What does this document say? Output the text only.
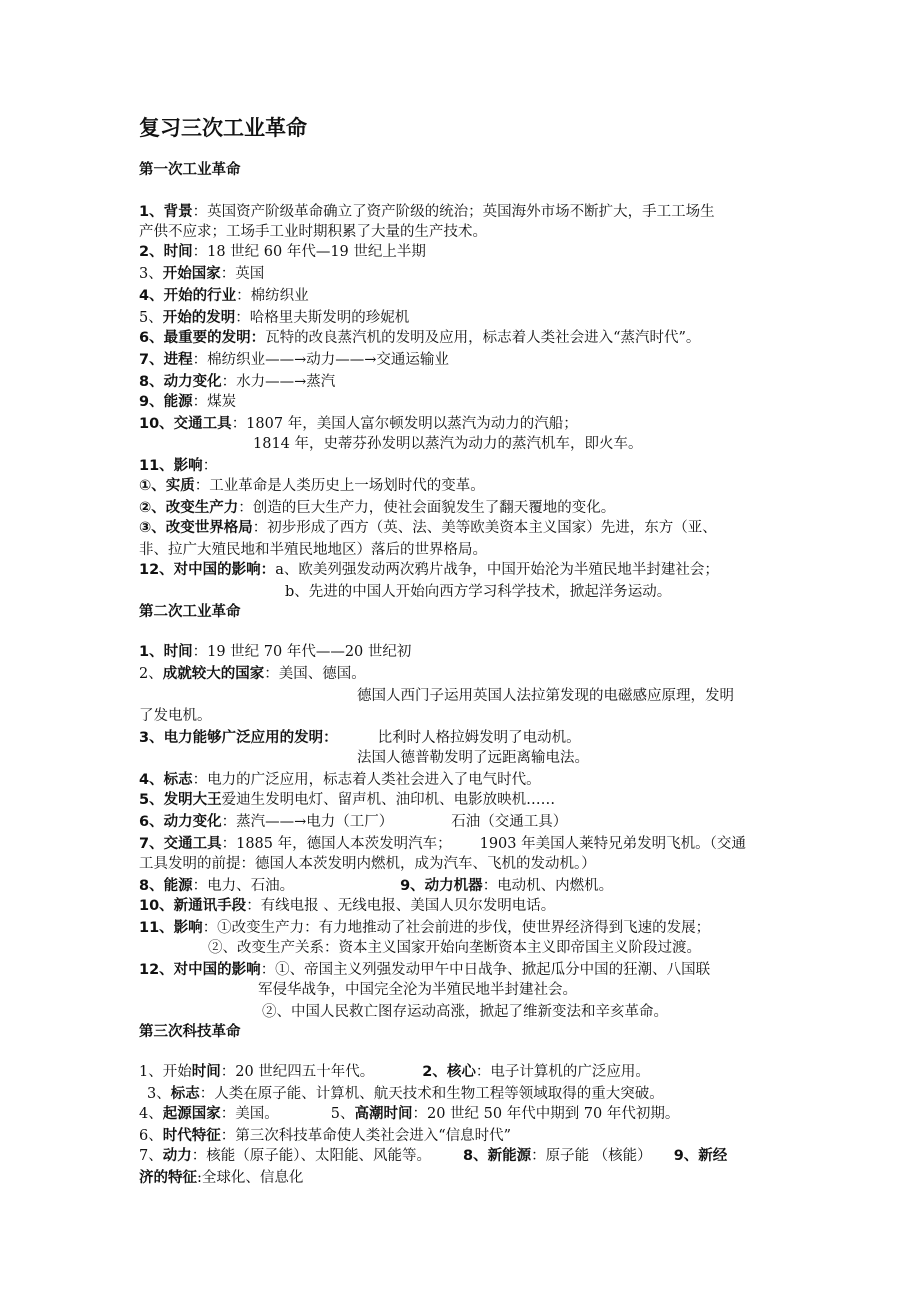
复习三次工业革命
第一次工业革命
1、背景：英国资产阶级革命确立了资产阶级的统治；英国海外市场不断扩大，手工工场生
产供不应求；工场手工业时期积累了大量的生产技术。
2、时间：18 世纪 60 年代—19 世纪上半期
3、开始国家：英国
4、开始的行业：棉纺织业
5、开始的发明：哈格里夫斯发明的珍妮机
6、最重要的发明：瓦特的改良蒸汽机的发明及应用，标志着人类社会进入“蒸汽时代”。
7、进程：棉纺织业——→动力——→交通运输业
8、动力变化：水力——→蒸汽
9、能源：煤炭
10、交通工具：1807 年，美国人富尔顿发明以蒸汽为动力的汽船；
1814 年，史蒂芬孙发明以蒸汽为动力的蒸汽机车，即火车。
11、影响：
①、实质：工业革命是人类历史上一场划时代的变革。
②、改变生产力：创造的巨大生产力，使社会面貌发生了翻天覆地的变化。
③、改变世界格局：初步形成了西方（英、法、美等欧美资本主义国家）先进，东方（亚、
非、拉广大殖民地和半殖民地地区）落后的世界格局。
12、对中国的影响：a、欧美列强发动两次鸦片战争，中国开始沦为半殖民地半封建社会；
b、先进的中国人开始向西方学习科学技术，掀起洋务运动。
第二次工业革命
1、时间：19 世纪 70 年代——20 世纪初
2、成就较大的国家：美国、德国。
德国人西门子运用英国人法拉第发现的电磁感应原理，发明
了发电机。
3、电力能够广泛应用的发明：	比利时人格拉姆发明了电动机。
法国人德普勒发明了远距离输电法。
4、标志：电力的广泛应用，标志着人类社会进入了电气时代。
5、发明大王爱迪生发明电灯、留声机、油印机、电影放映机……
6、动力变化：蒸汽——→电力（工厂）	石油（交通工具）
7、交通工具：1885 年，德国人本茨发明汽车； 1903 年美国人莱特兄弟发明飞机。（交通
工具发明的前提：德国人本茨发明内燃机，成为汽车、飞机的发动机。）
8、能源：电力、石油。	9、动力机器：电动机、内燃机。
10、新通讯手段：有线电报 、无线电报、美国人贝尔发明电话。
11、影响：①改变生产力：有力地推动了社会前进的步伐，使世界经济得到飞速的发展；
②、改变生产关系：资本主义国家开始向垄断资本主义即帝国主义阶段过渡。
12、对中国的影响：①、帝国主义列强发动甲午中日战争、掀起瓜分中国的狂潮、八国联
军侵华战争，中国完全沦为半殖民地半封建社会。
②、中国人民救亡图存运动高涨，掀起了维新变法和辛亥革命。
第三次科技革命
1、开始时间：20 世纪四五十年代。	2、核心：电子计算机的广泛应用。
3、标志：人类在原子能、计算机、航天技术和生物工程等领域取得的重大突破。
4、起源国家：美国。	5、高潮时间：20 世纪 50 年代中期到 70 年代初期。
6、时代特征：第三次科技革命使人类社会进入“信息时代”
7、动力：核能（原子能）、太阳能、风能等。 8、新能源：原子能 （核能） 9、新经
济的特征:全球化、信息化
